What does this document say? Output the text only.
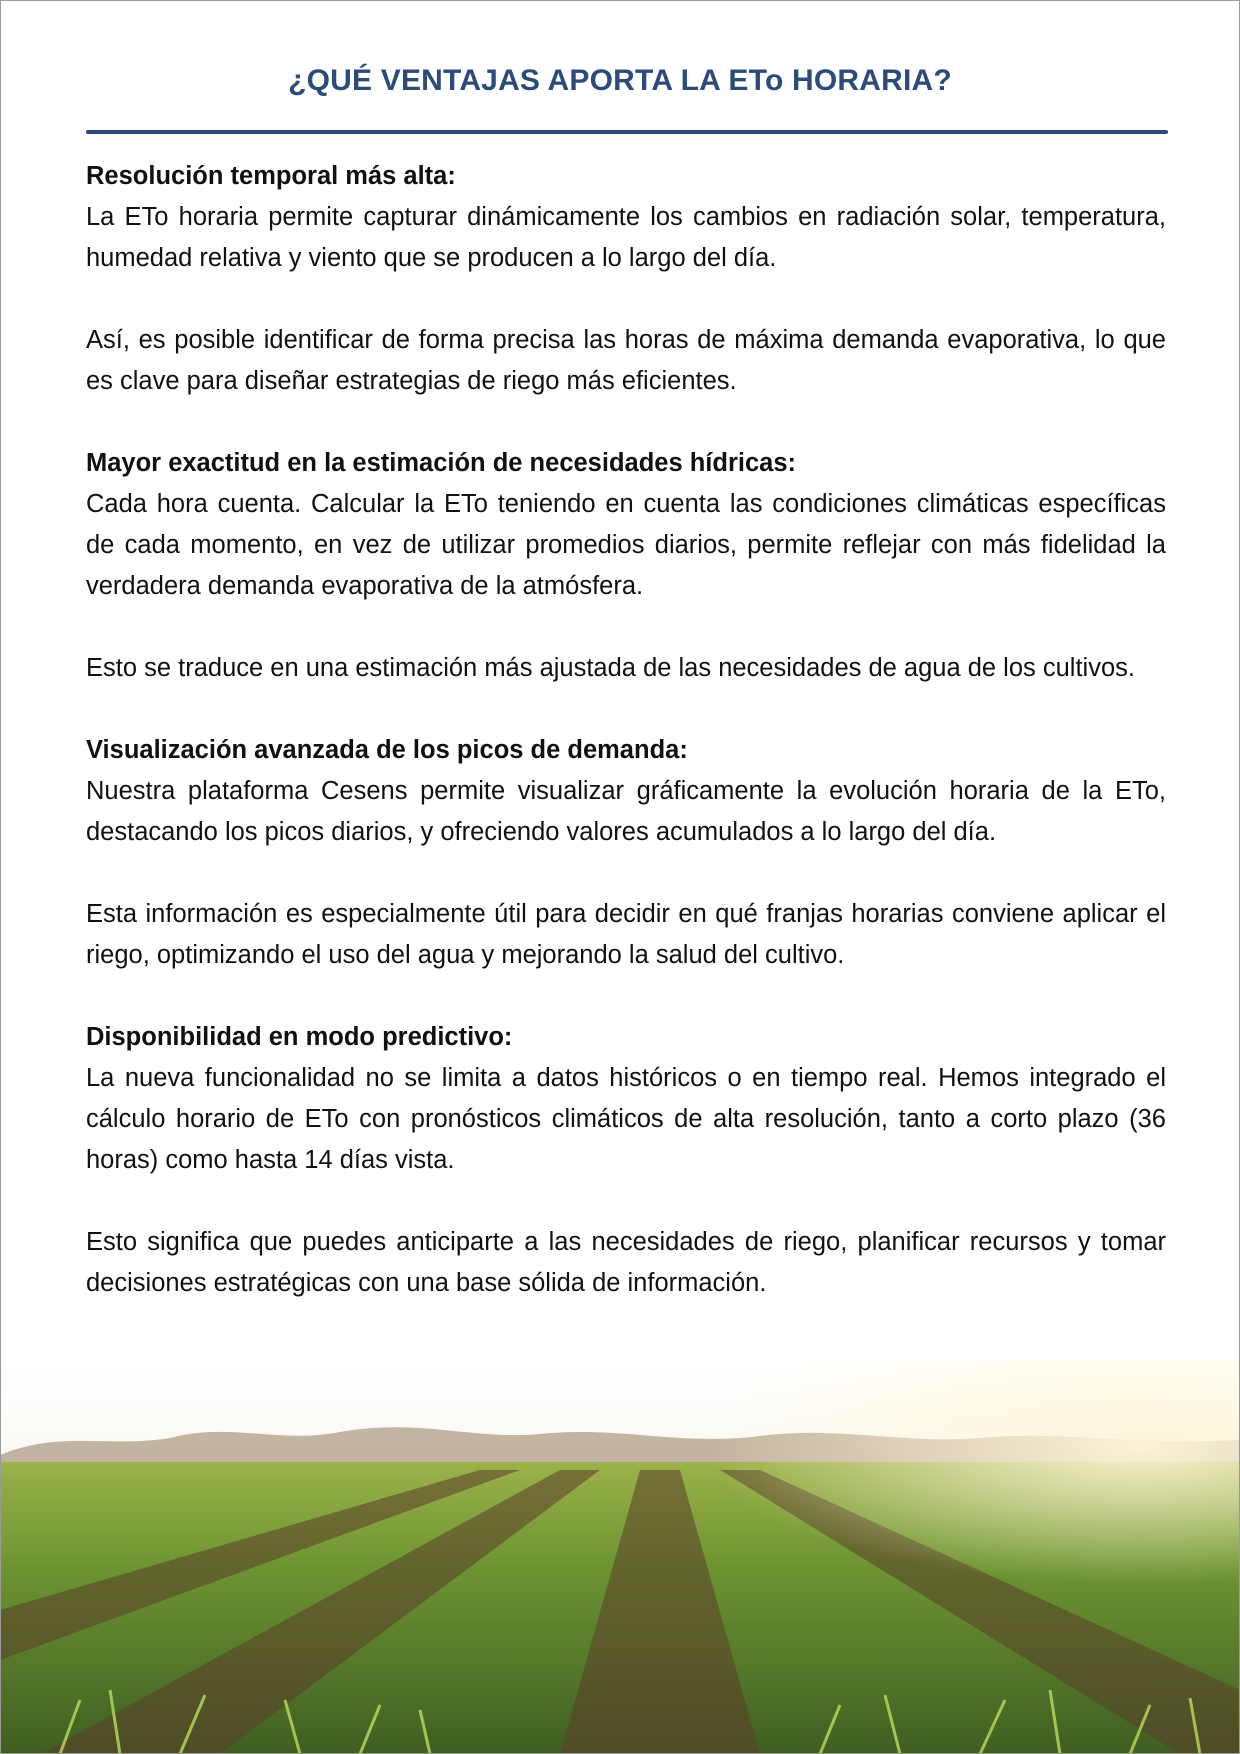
¿QUÉ VENTAJAS APORTA LA ETo HORARIA?

Resolución temporal más alta:

La ETo horaria permite capturar dinámicamente los cambios en radiación solar, temperatura, humedad relativa y viento que se producen a lo largo del día.

Así, es posible identificar de forma precisa las horas de máxima demanda evaporativa, lo que es clave para diseñar estrategias de riego más eficientes.

Mayor exactitud en la estimación de necesidades hídricas:

Cada hora cuenta. Calcular la ETo teniendo en cuenta las condiciones climáticas específicas de cada momento, en vez de utilizar promedios diarios, permite reflejar con más fidelidad la verdadera demanda evaporativa de la atmósfera.

Esto se traduce en una estimación más ajustada de las necesidades de agua de los cultivos.

Visualización avanzada de los picos de demanda:

Nuestra plataforma Cesens permite visualizar gráficamente la evolución horaria de la ETo, destacando los picos diarios, y ofreciendo valores acumulados a lo largo del día.

Esta información es especialmente útil para decidir en qué franjas horarias conviene aplicar el riego, optimizando el uso del agua y mejorando la salud del cultivo.

Disponibilidad en modo predictivo:

La nueva funcionalidad no se limita a datos históricos o en tiempo real. Hemos integrado el cálculo horario de ETo con pronósticos climáticos de alta resolución, tanto a corto plazo (36 horas) como hasta 14 días vista.

Esto significa que puedes anticiparte a las necesidades de riego, planificar recursos y tomar decisiones estratégicas con una base sólida de información.
